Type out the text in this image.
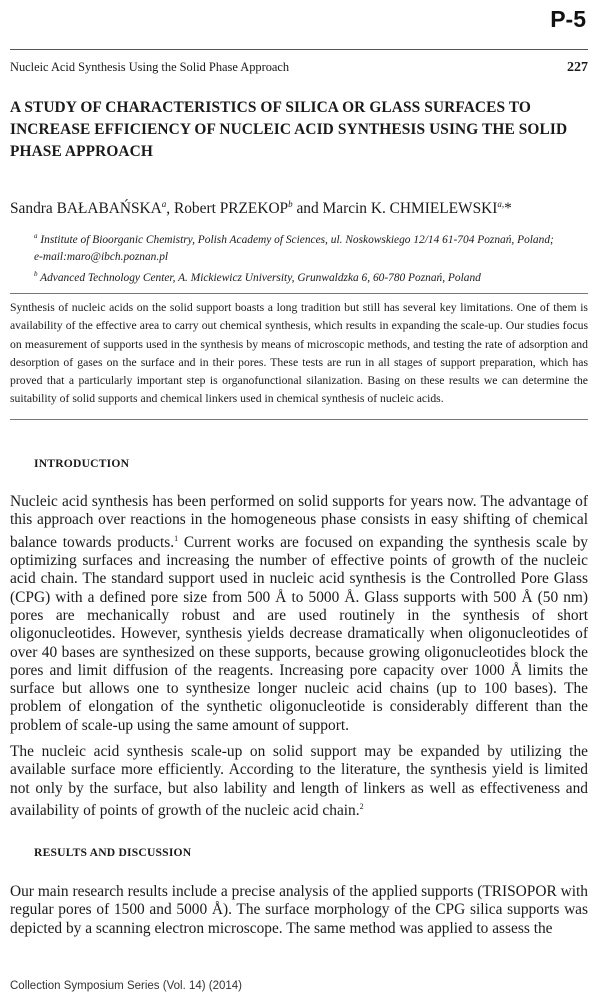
P-5
Nucleic Acid Synthesis Using the Solid Phase Approach	227
A STUDY OF CHARACTERISTICS OF SILICA OR GLASS SURFACES TO INCREASE EFFICIENCY OF NUCLEIC ACID SYNTHESIS USING THE SOLID PHASE APPROACH

Sandra BAŁABAŃSKA$^a$, Robert PRZEKOP$^b$ and Marcin K. $CHMIELEWSKI^{a,}*$

$^a$ Institute of Bioorganic Chemistry, Polish Academy of Sciences, ul. Noskowskiego 12/14 61-704 Poznań, Poland;

e-mail:maro@ibch.poznan.pl

$^b$ Advanced Technology Center, A. Mickiewicz University, Grunwaldzka 6, 60-780 Poznań, Poland

Synthesis of nucleic acids on the solid support boasts a long tradition but still has several key limitations. One of them is availability of the effective area to carry out chemical synthesis, which results in expanding the scale-up. Our studies focus on measurement of supports used in the synthesis by means of microscopic methods, and testing the rate of adsorption and desorption of gases on the surface and in their pores. These tests are run in all stages of support preparation, which has proved that a particularly important step is organofunctional silanization. Basing on these results we can determine the suitability of solid supports and chemical linkers used in chemical synthesis of nucleic acids.

INTRODUCTION

Nucleic acid synthesis has been performed on solid supports for years now. The advantage of this approach over reactions in the homogeneous phase consists in easy shifting of chemical balance towards products.$^1$ Current works are focused on expanding the synthesis scale by optimizing surfaces and increasing the number of effective points of growth of the nucleic acid chain. The standard support used in nucleic acid synthesis is the Controlled Pore Glass (CPG) with a defined pore size from 500 Å to 5000 Å. Glass supports with 500 Å (50 nm) pores are mechanically robust and are used routinely in the synthesis of short oligonucleotides. However, synthesis yields decrease dramatically when oligonucleotides of over 40 bases are synthesized on these supports, because growing oligonucleotides block the pores and limit diffusion of the reagents. Increasing pore capacity over 1000 Å limits the surface but allows one to synthesize longer nucleic acid chains (up to 100 bases). The problem of elongation of the synthetic oligonucleotide is considerably different than the problem of scale-up using the same amount of support.

The nucleic acid synthesis scale-up on solid support may be expanded by utilizing the available surface more efficiently. According to the literature, the synthesis yield is limited not only by the surface, but also lability and length of linkers as well as effectiveness and availability of points of growth of the nucleic acid chain.$^2$

RESULTS AND DISCUSSION

Our main research results include a precise analysis of the applied supports (TRISOPOR with regular pores of 1500 and 5000 Å). The surface morphology of the CPG silica supports was depicted by a scanning electron microscope. The same method was applied to assess the

Collection Symposium Series (Vol. 14) (2014)
